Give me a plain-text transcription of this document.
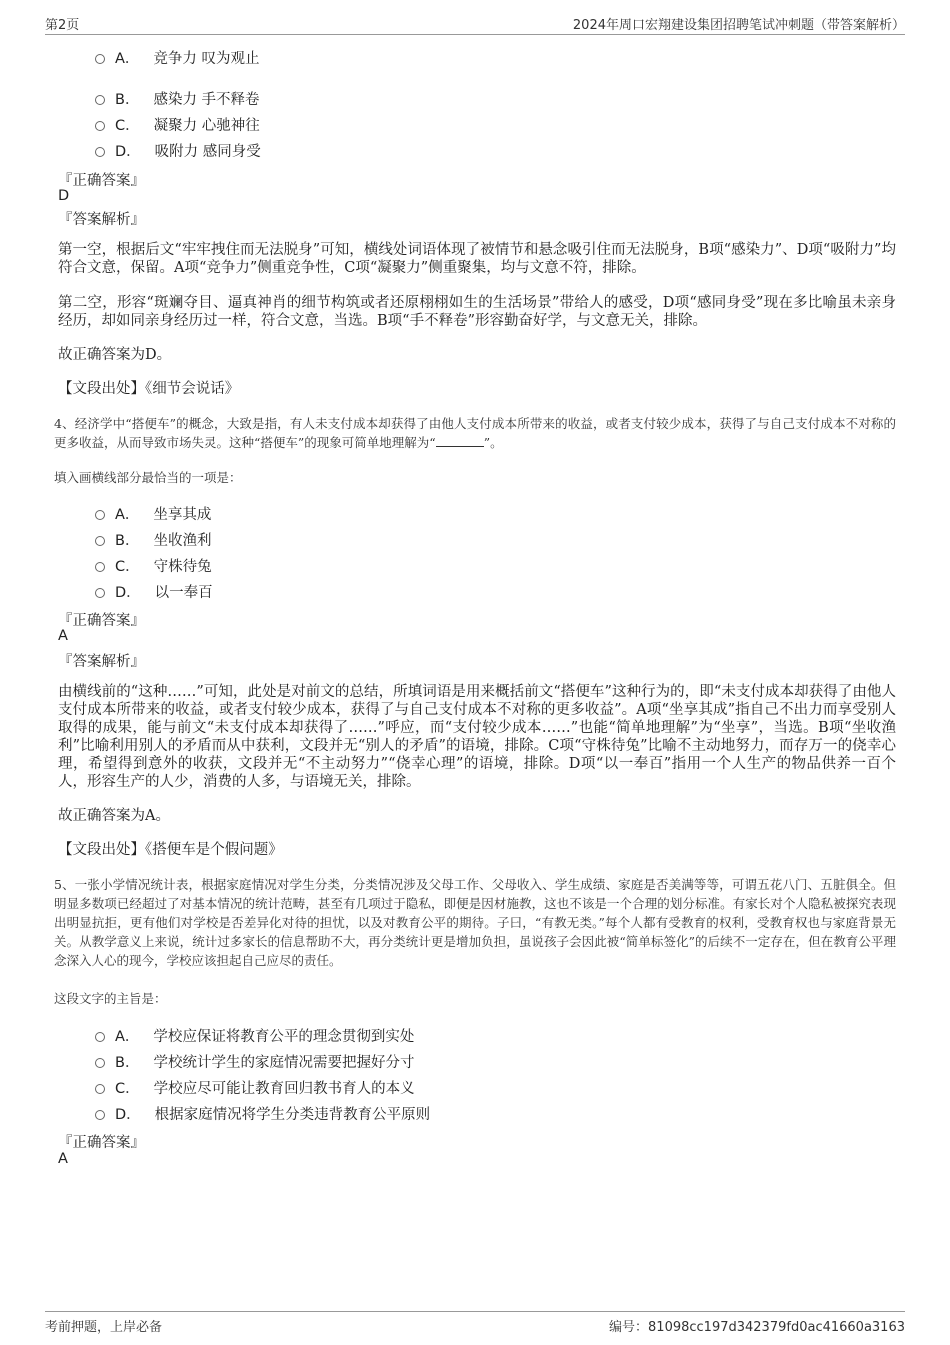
第2页	2024年周口宏翔建设集团招聘笔试冲刺题（带答案解析）
A． 竞争力 叹为观止
B． 感染力 手不释卷
C． 凝聚力 心驰神往
D． 吸附力 感同身受
『正确答案』
D
『答案解析』
第一空，根据后文“牢牢拽住而无法脱身”可知，横线处词语体现了被情节和悬念吸引住而无法脱身，B项“感染力”、D项“吸附力”均符合文意，保留。A项“竞争力”侧重竞争性，C项“凝聚力”侧重聚集，均与文意不符，排除。
第二空，形容“斑斓夺目、逼真神肖的细节构筑或者还原栩栩如生的生活场景”带给人的感受，D项“感同身受”现在多比喻虽未亲身经历，却如同亲身经历过一样，符合文意，当选。B项“手不释卷”形容勤奋好学，与文意无关，排除。
故正确答案为D。
【文段出处】《细节会说话》
4、经济学中“搭便车”的概念，大致是指，有人未支付成本却获得了由他人支付成本所带来的收益，或者支付较少成本，获得了与自己支付成本不对称的更多收益，从而导致市场失灵。这种“搭便车”的现象可简单地理解为“	”。
填入画横线部分最恰当的一项是：
A． 坐享其成
B． 坐收渔利
C． 守株待兔
D． 以一奉百
『正确答案』
A
『答案解析』
由横线前的“这种……”可知，此处是对前文的总结，所填词语是用来概括前文“搭便车”这种行为的，即“未支付成本却获得了由他人支付成本所带来的收益，或者支付较少成本，获得了与自己支付成本不对称的更多收益”。A项“坐享其成”指自己不出力而享受别人取得的成果，能与前文“未支付成本却获得了……”呼应，而“支付较少成本……”也能“简单地理解”为“坐享”，当选。B项“坐收渔利”比喻利用别人的矛盾而从中获利，文段并无“别人的矛盾”的语境，排除。C项“守株待兔”比喻不主动地努力，而存万一的侥幸心理，希望得到意外的收获，文段并无“不主动努力”“侥幸心理”的语境，排除。D项“以一奉百”指用一个人生产的物品供养一百个人，形容生产的人少，消费的人多，与语境无关，排除。
故正确答案为A。
【文段出处】《搭便车是个假问题》
5、一张小学情况统计表，根据家庭情况对学生分类，分类情况涉及父母工作、父母收入、学生成绩、家庭是否美满等等，可谓五花八门、五脏俱全。但明显多数项已经超过了对基本情况的统计范畴，甚至有几项过于隐私，即便是因材施教，这也不该是一个合理的划分标准。有家长对个人隐私被探究表现出明显抗拒，更有他们对学校是否差异化对待的担忧，以及对教育公平的期待。子曰，“有教无类。”每个人都有受教育的权利，受教育权也与家庭背景无关。从教学意义上来说，统计过多家长的信息帮助不大，再分类统计更是增加负担，虽说孩子会因此被“简单标签化”的后续不一定存在，但在教育公平理念深入人心的现今，学校应该担起自己应尽的责任。
这段文字的主旨是：
A． 学校应保证将教育公平的理念贯彻到实处
B． 学校统计学生的家庭情况需要把握好分寸
C． 学校应尽可能让教育回归教书育人的本义
D． 根据家庭情况将学生分类违背教育公平原则
『正确答案』
A
考前押题，上岸必备	编号：81098cc197d342379fd0ac41660a3163
